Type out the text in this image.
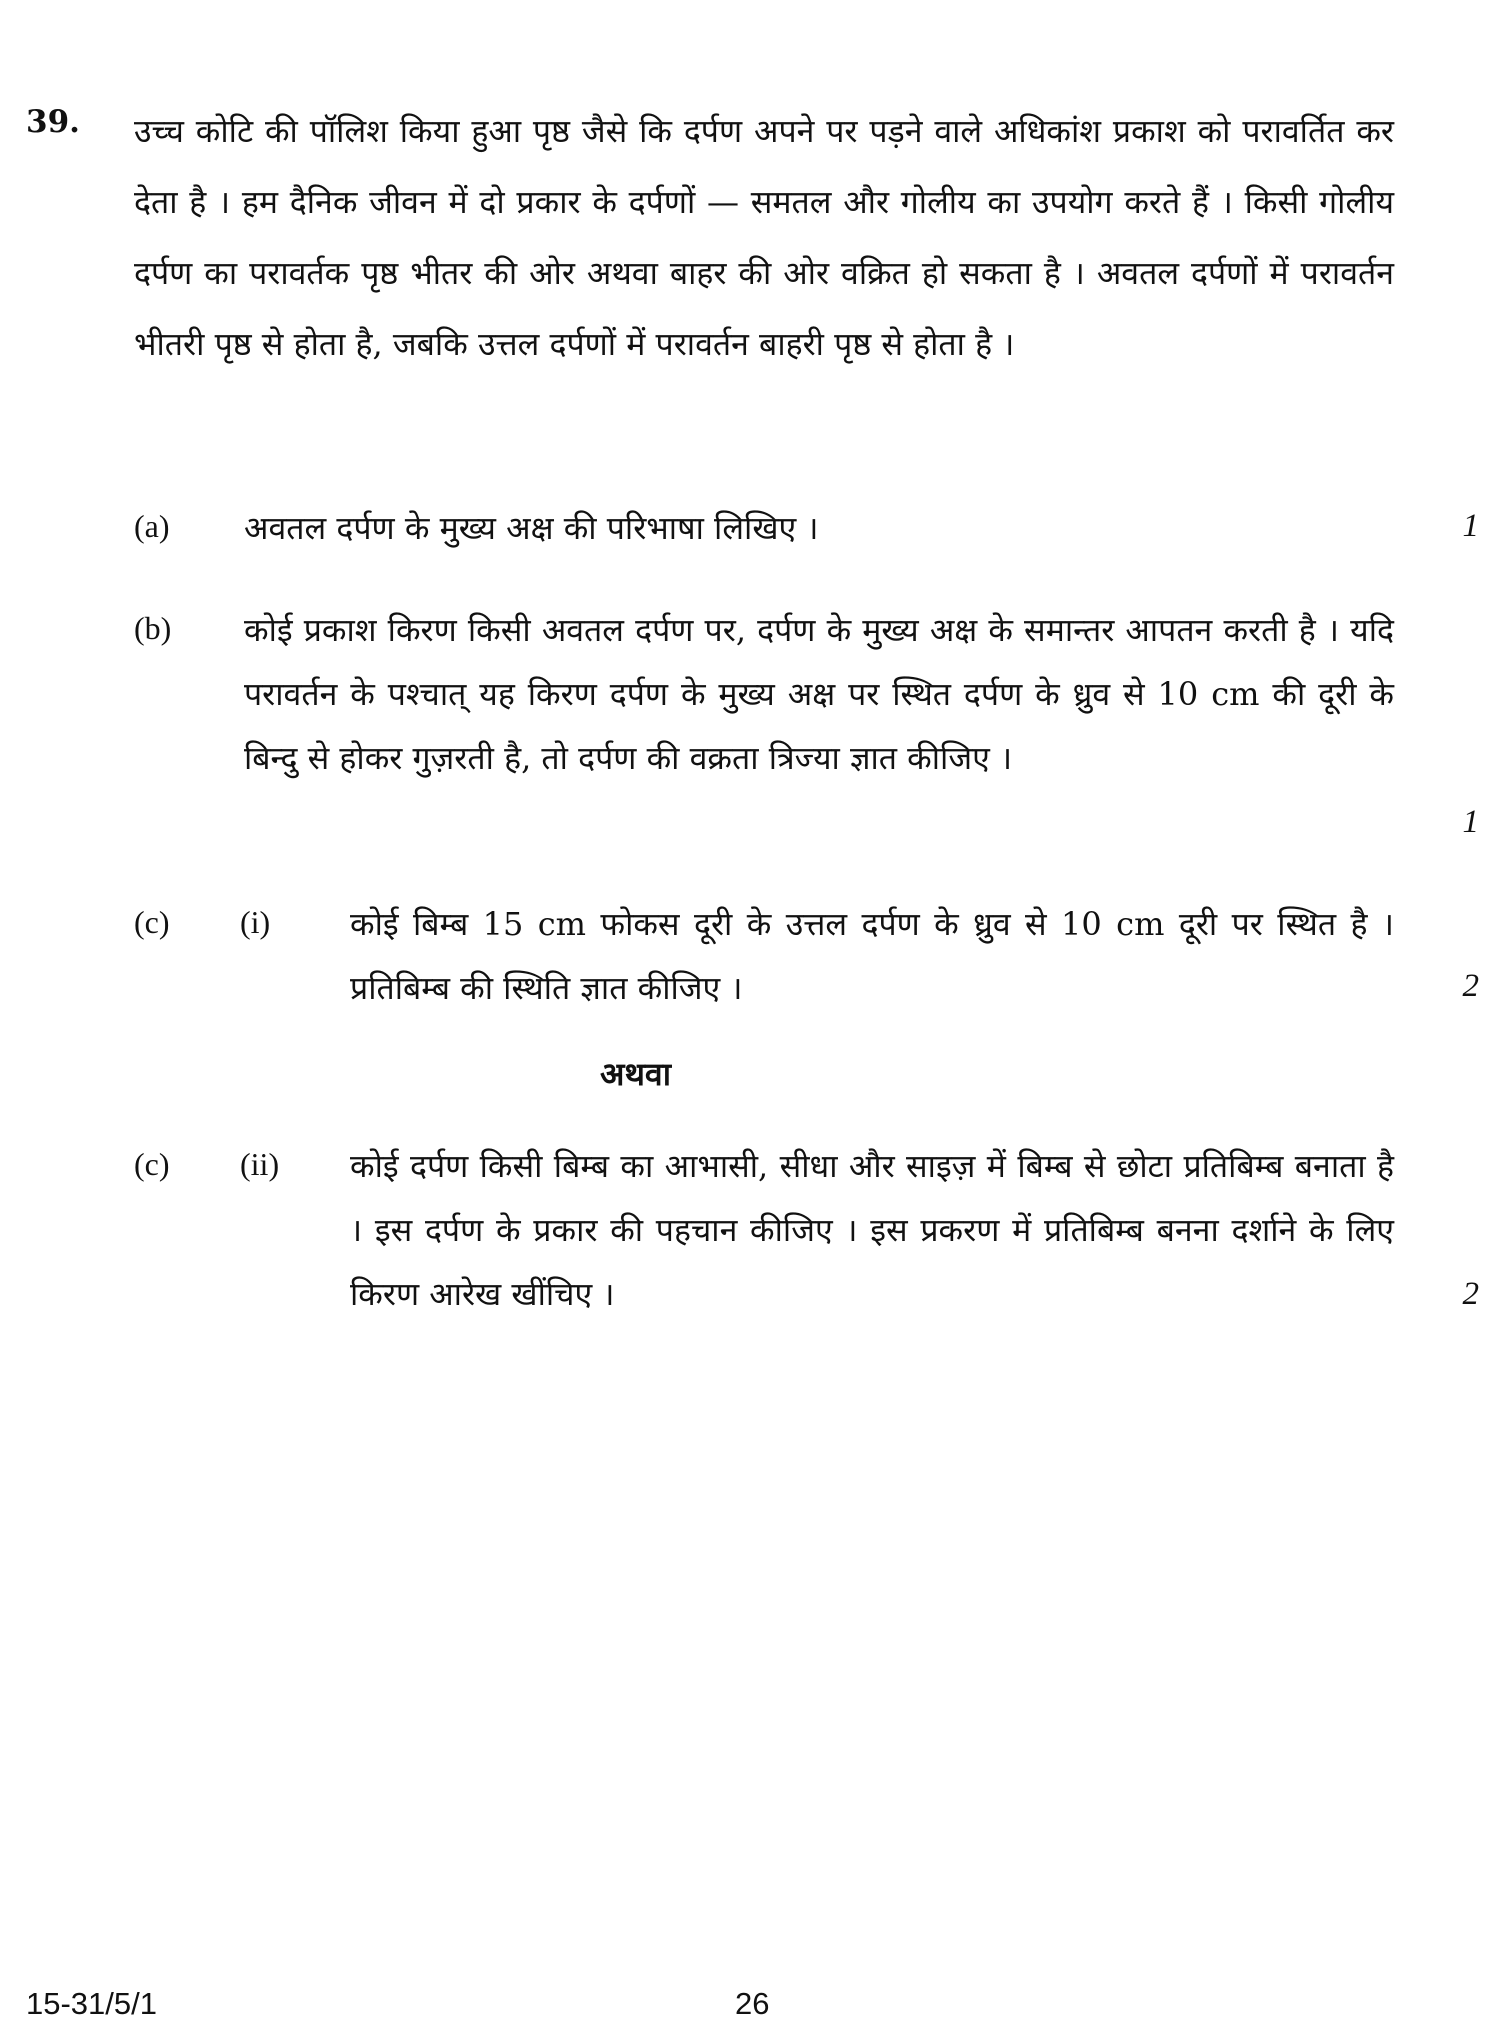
39. उच्च कोटि की पॉलिश किया हुआ पृष्ठ जैसे कि दर्पण अपने पर पड़ने वाले अधिकांश प्रकाश को परावर्तित कर देता है । हम दैनिक जीवन में दो प्रकार के दर्पणों — समतल और गोलीय का उपयोग करते हैं । किसी गोलीय दर्पण का परावर्तक पृष्ठ भीतर की ओर अथवा बाहर की ओर वक्रित हो सकता है । अवतल दर्पणों में परावर्तन भीतरी पृष्ठ से होता है, जबकि उत्तल दर्पणों में परावर्तन बाहरी पृष्ठ से होता है ।
(a) अवतल दर्पण के मुख्य अक्ष की परिभाषा लिखिए ।	1
(b) कोई प्रकाश किरण किसी अवतल दर्पण पर, दर्पण के मुख्य अक्ष के समान्तर आपतन करती है । यदि परावर्तन के पश्चात् यह किरण दर्पण के मुख्य अक्ष पर स्थित दर्पण के ध्रुव से 10 cm की दूरी के बिन्दु से होकर गुज़रती है, तो दर्पण की वक्रता त्रिज्या ज्ञात कीजिए ।
1
(c) (i) कोई बिम्ब 15 cm फोकस दूरी के उत्तल दर्पण के ध्रुव से 10 cm दूरी पर स्थित है । प्रतिबिम्ब की स्थिति ज्ञात कीजिए ।	2
अथवा
(c) (ii) कोई दर्पण किसी बिम्ब का आभासी, सीधा और साइज़ में बिम्ब से छोटा प्रतिबिम्ब बनाता है । इस दर्पण के प्रकार की पहचान कीजिए । इस प्रकरण में प्रतिबिम्ब बनना दर्शाने के लिए किरण आरेख खींचिए ।	2
15-31/5/1	26
